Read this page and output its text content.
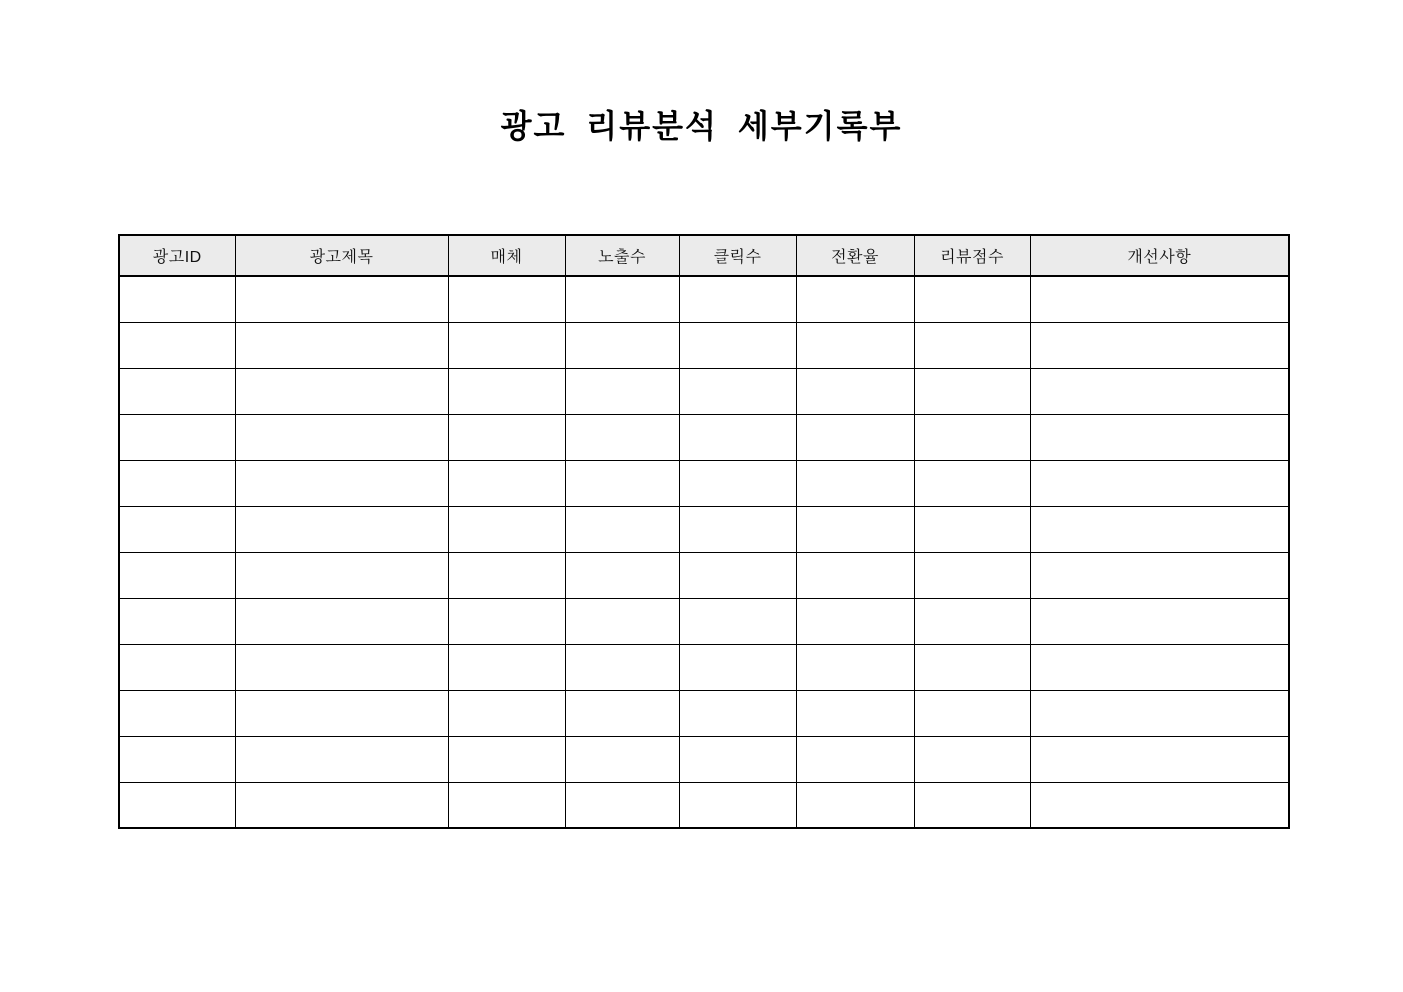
광고 리뷰분석 세부기록부
광고ID	광고제목	매체	노출수	클릭수	전환율	리뷰점수	개선사항
